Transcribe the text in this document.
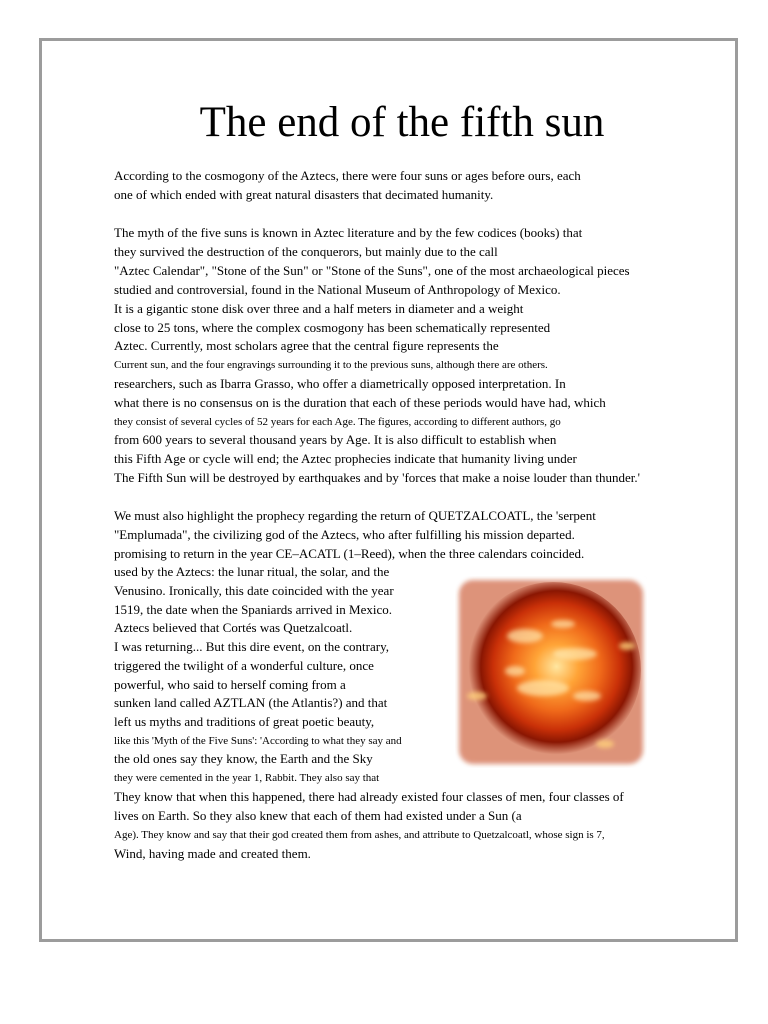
The end of the fifth sun
According to the cosmogony of the Aztecs, there were four suns or ages before ours, each
one of which ended with great natural disasters that decimated humanity.
The myth of the five suns is known in Aztec literature and by the few codices (books) that
they survived the destruction of the conquerors, but mainly due to the call
"Aztec Calendar", "Stone of the Sun" or "Stone of the Suns", one of the most archaeological pieces
studied and controversial, found in the National Museum of Anthropology of Mexico.
It is a gigantic stone disk over three and a half meters in diameter and a weight
close to 25 tons, where the complex cosmogony has been schematically represented
Aztec. Currently, most scholars agree that the central figure represents the
Current sun, and the four engravings surrounding it to the previous suns, although there are others.
researchers, such as Ibarra Grasso, who offer a diametrically opposed interpretation. In
what there is no consensus on is the duration that each of these periods would have had, which
they consist of several cycles of 52 years for each Age. The figures, according to different authors, go
from 600 years to several thousand years by Age. It is also difficult to establish when
this Fifth Age or cycle will end; the Aztec prophecies indicate that humanity living under
The Fifth Sun will be destroyed by earthquakes and by 'forces that make a noise louder than thunder.'
We must also highlight the prophecy regarding the return of QUETZALCOATL, the 'serpent
"Emplumada", the civilizing god of the Aztecs, who after fulfilling his mission departed.
promising to return in the year CE–ACATL (1–Reed), when the three calendars coincided.
used by the Aztecs: the lunar ritual, the solar, and the
Venusino. Ironically, this date coincided with the year
1519, the date when the Spaniards arrived in Mexico.
Aztecs believed that Cortés was Quetzalcoatl.
I was returning... But this dire event, on the contrary,
triggered the twilight of a wonderful culture, once
powerful, who said to herself coming from a
sunken land called AZTLAN (the Atlantis?) and that
left us myths and traditions of great poetic beauty,
like this 'Myth of the Five Suns': 'According to what they say and
the old ones say they know, the Earth and the Sky
they were cemented in the year 1, Rabbit. They also say that
They know that when this happened, there had already existed four classes of men, four classes of
lives on Earth. So they also knew that each of them had existed under a Sun (a
Age). They know and say that their god created them from ashes, and attribute to Quetzalcoatl, whose sign is 7,
Wind, having made and created them.
